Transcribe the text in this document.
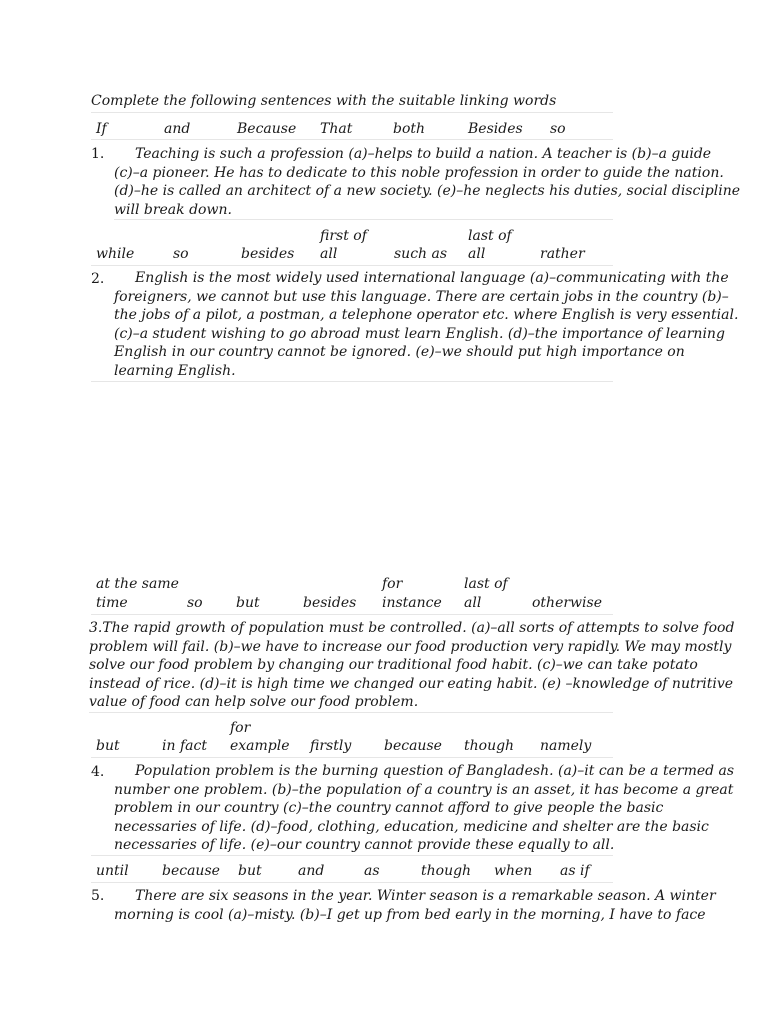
Complete the following sentences with the suitable linking words
If	and	Because That	both	Besides so
1.	Teaching is such a profession (a)–helps to build a nation. A teacher is (b)–a guide

(c)–a pioneer. He has to dedicate to this noble profession in order to guide the nation.

(d)–he is called an architect of a new society. (e)–he neglects his duties, social discipline

will break down.

first of	last of
while	so	besides all	such as all	rather
2.	English is the most widely used international language (a)–communicating with the

foreigners, we cannot but use this language. There are certain jobs in the country (b)–

the jobs of a pilot, a postman, a telephone operator etc. where English is very essential.

(c)–a student wishing to go abroad must learn English. (d)–the importance of learning

English in our country cannot be ignored. (e)–we should put high importance on

learning English.

at the same	for	last of
time	so but	besides instance all	otherwise

3.The rapid growth of population must be controlled. (a)–all sorts of attempts to solve food

problem will fail. (b)–we have to increase our food production very rapidly. We may mostly

solve our food problem by changing our traditional food habit. (c)–we can take potato

instead of rice. (d)–it is high time we changed our eating habit. (e) –knowledge of nutritive

value of food can help solve our food problem.

for
but	in fact example firstly because though namely
4.	Population problem is the burning question of Bangladesh. (a)–it can be a termed as

number one problem. (b)–the population of a country is an asset, it has become a great

problem in our country (c)–the country cannot afford to give people the basic

necessaries of life. (d)–food, clothing, education, medicine and shelter are the basic

necessaries of life. (e)–our country cannot provide these equally to all.

until because but	and	as	though when as if
5.	There are six seasons in the year. Winter season is a remarkable season. A winter

morning is cool (a)–misty. (b)–I get up from bed early in the morning, I have to face
